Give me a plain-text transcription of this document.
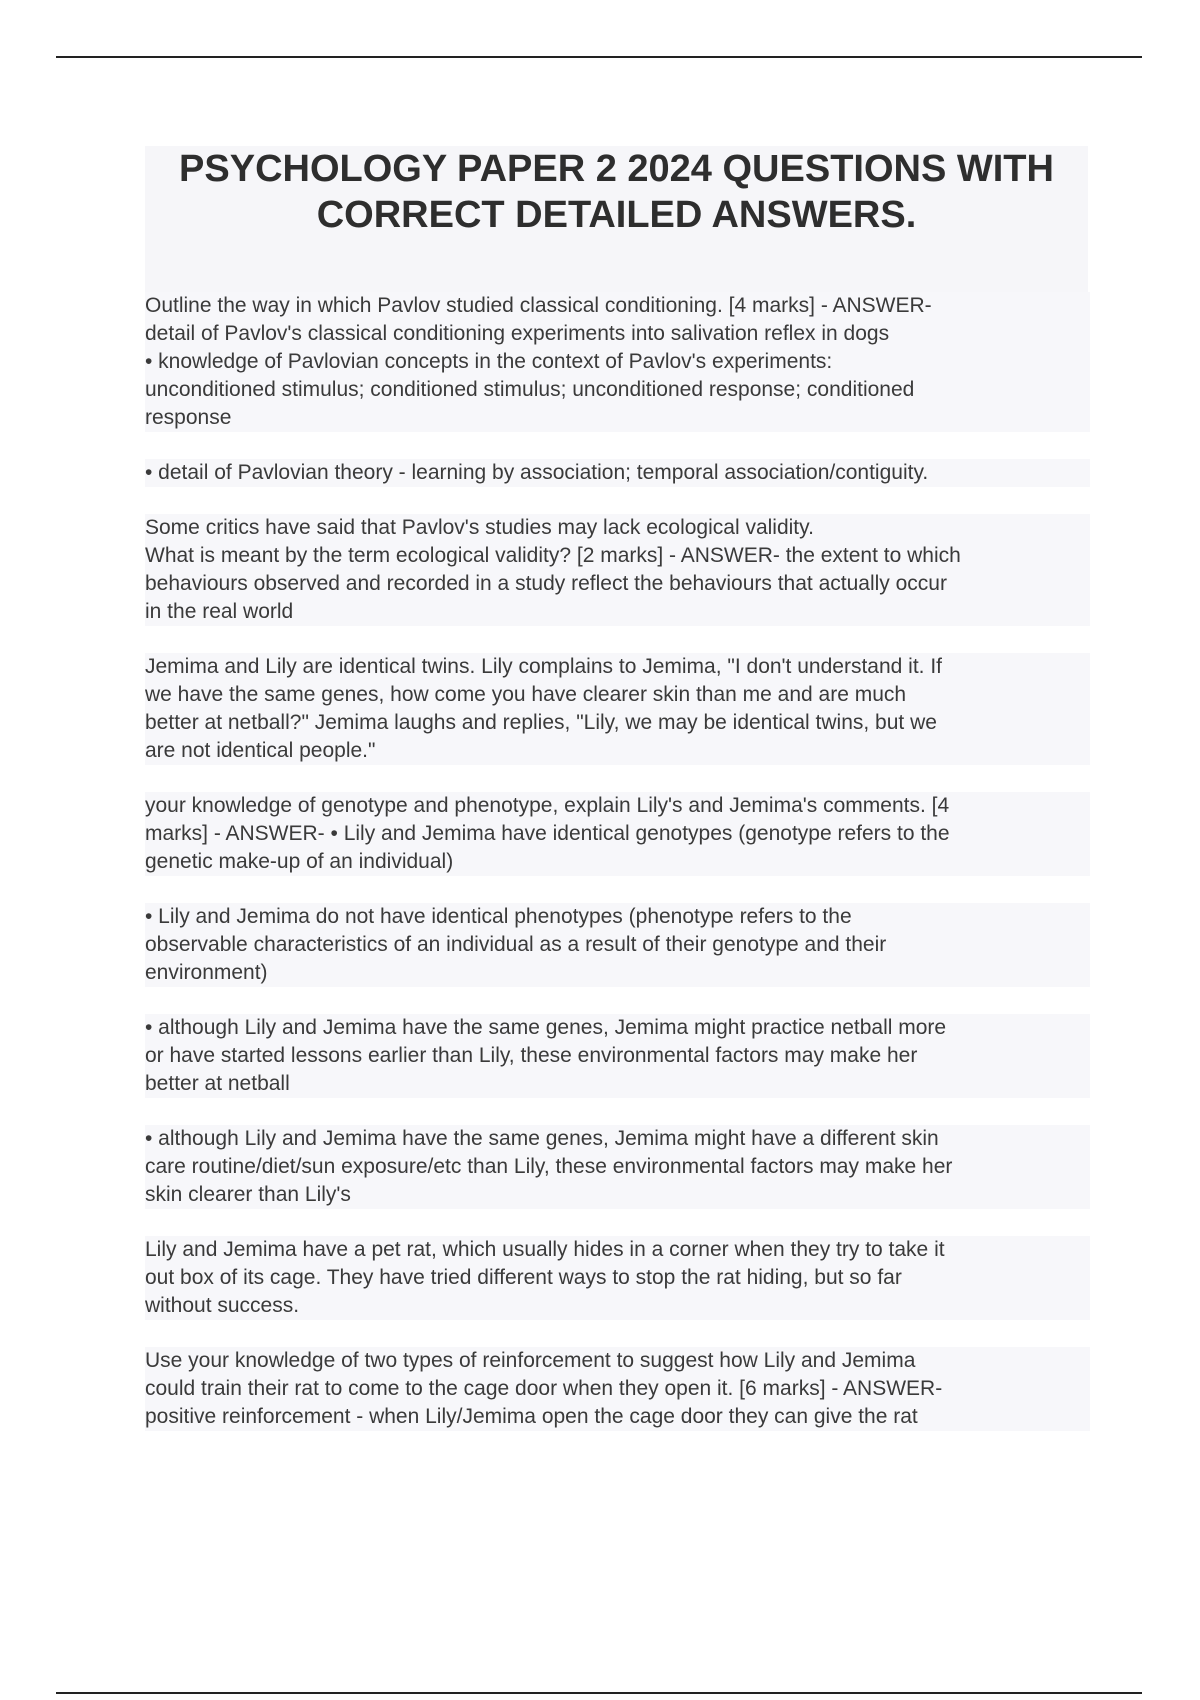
PSYCHOLOGY PAPER 2 2024 QUESTIONS WITH
CORRECT DETAILED ANSWERS.
Outline the way in which Pavlov studied classical conditioning. [4 marks] - ANSWER-
detail of Pavlov's classical conditioning experiments into salivation reflex in dogs
• knowledge of Pavlovian concepts in the context of Pavlov's experiments:
unconditioned stimulus; conditioned stimulus; unconditioned response; conditioned
response
• detail of Pavlovian theory - learning by association; temporal association/contiguity.
Some critics have said that Pavlov's studies may lack ecological validity.
What is meant by the term ecological validity? [2 marks] - ANSWER- the extent to which
behaviours observed and recorded in a study reflect the behaviours that actually occur
in the real world
Jemima and Lily are identical twins. Lily complains to Jemima, "I don't understand it. If
we have the same genes, how come you have clearer skin than me and are much
better at netball?" Jemima laughs and replies, "Lily, we may be identical twins, but we
are not identical people."
your knowledge of genotype and phenotype, explain Lily's and Jemima's comments. [4
marks] - ANSWER- • Lily and Jemima have identical genotypes (genotype refers to the
genetic make-up of an individual)
• Lily and Jemima do not have identical phenotypes (phenotype refers to the
observable characteristics of an individual as a result of their genotype and their
environment)
• although Lily and Jemima have the same genes, Jemima might practice netball more
or have started lessons earlier than Lily, these environmental factors may make her
better at netball
• although Lily and Jemima have the same genes, Jemima might have a different skin
care routine/diet/sun exposure/etc than Lily, these environmental factors may make her
skin clearer than Lily's
Lily and Jemima have a pet rat, which usually hides in a corner when they try to take it
out box of its cage. They have tried different ways to stop the rat hiding, but so far
without success.
Use your knowledge of two types of reinforcement to suggest how Lily and Jemima
could train their rat to come to the cage door when they open it. [6 marks] - ANSWER-
positive reinforcement - when Lily/Jemima open the cage door they can give the rat
